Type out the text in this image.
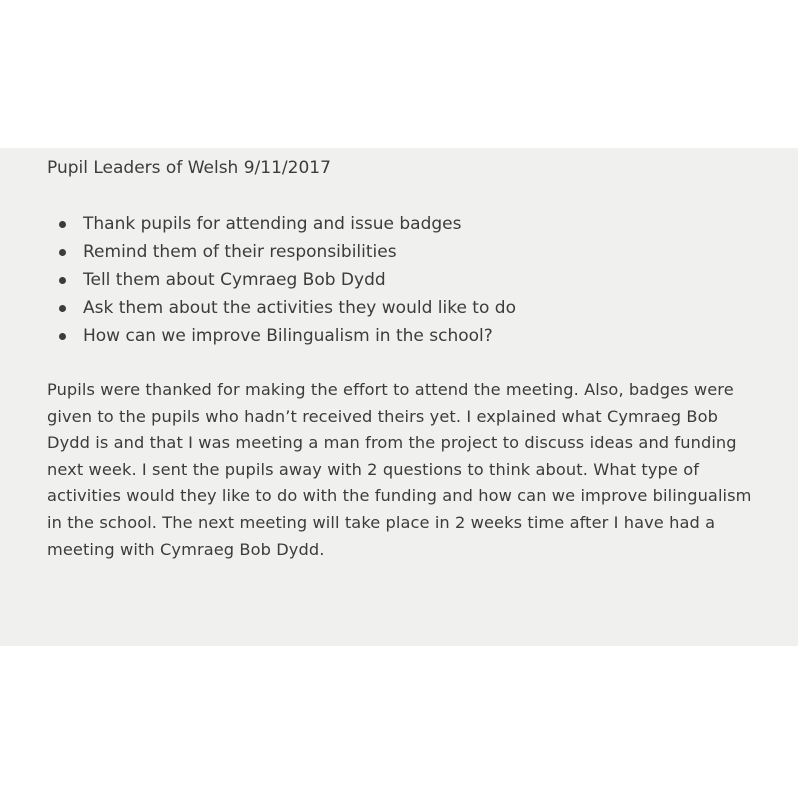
Pupil Leaders of Welsh 9/11/2017
Thank pupils for attending and issue badges
Remind them of their responsibilities
Tell them about Cymraeg Bob Dydd
Ask them about the activities they would like to do
How can we improve Bilingualism in the school?

Pupils were thanked for making the effort to attend the meeting. Also, badges were given to the pupils who hadn’t received theirs yet. I explained what Cymraeg Bob Dydd is and that I was meeting a man from the project to discuss ideas and funding next week. I sent the pupils away with 2 questions to think about. What type of activities would they like to do with the funding and how can we improve bilingualism in the school. The next meeting will take place in 2 weeks time after I have had a meeting with Cymraeg Bob Dydd.
